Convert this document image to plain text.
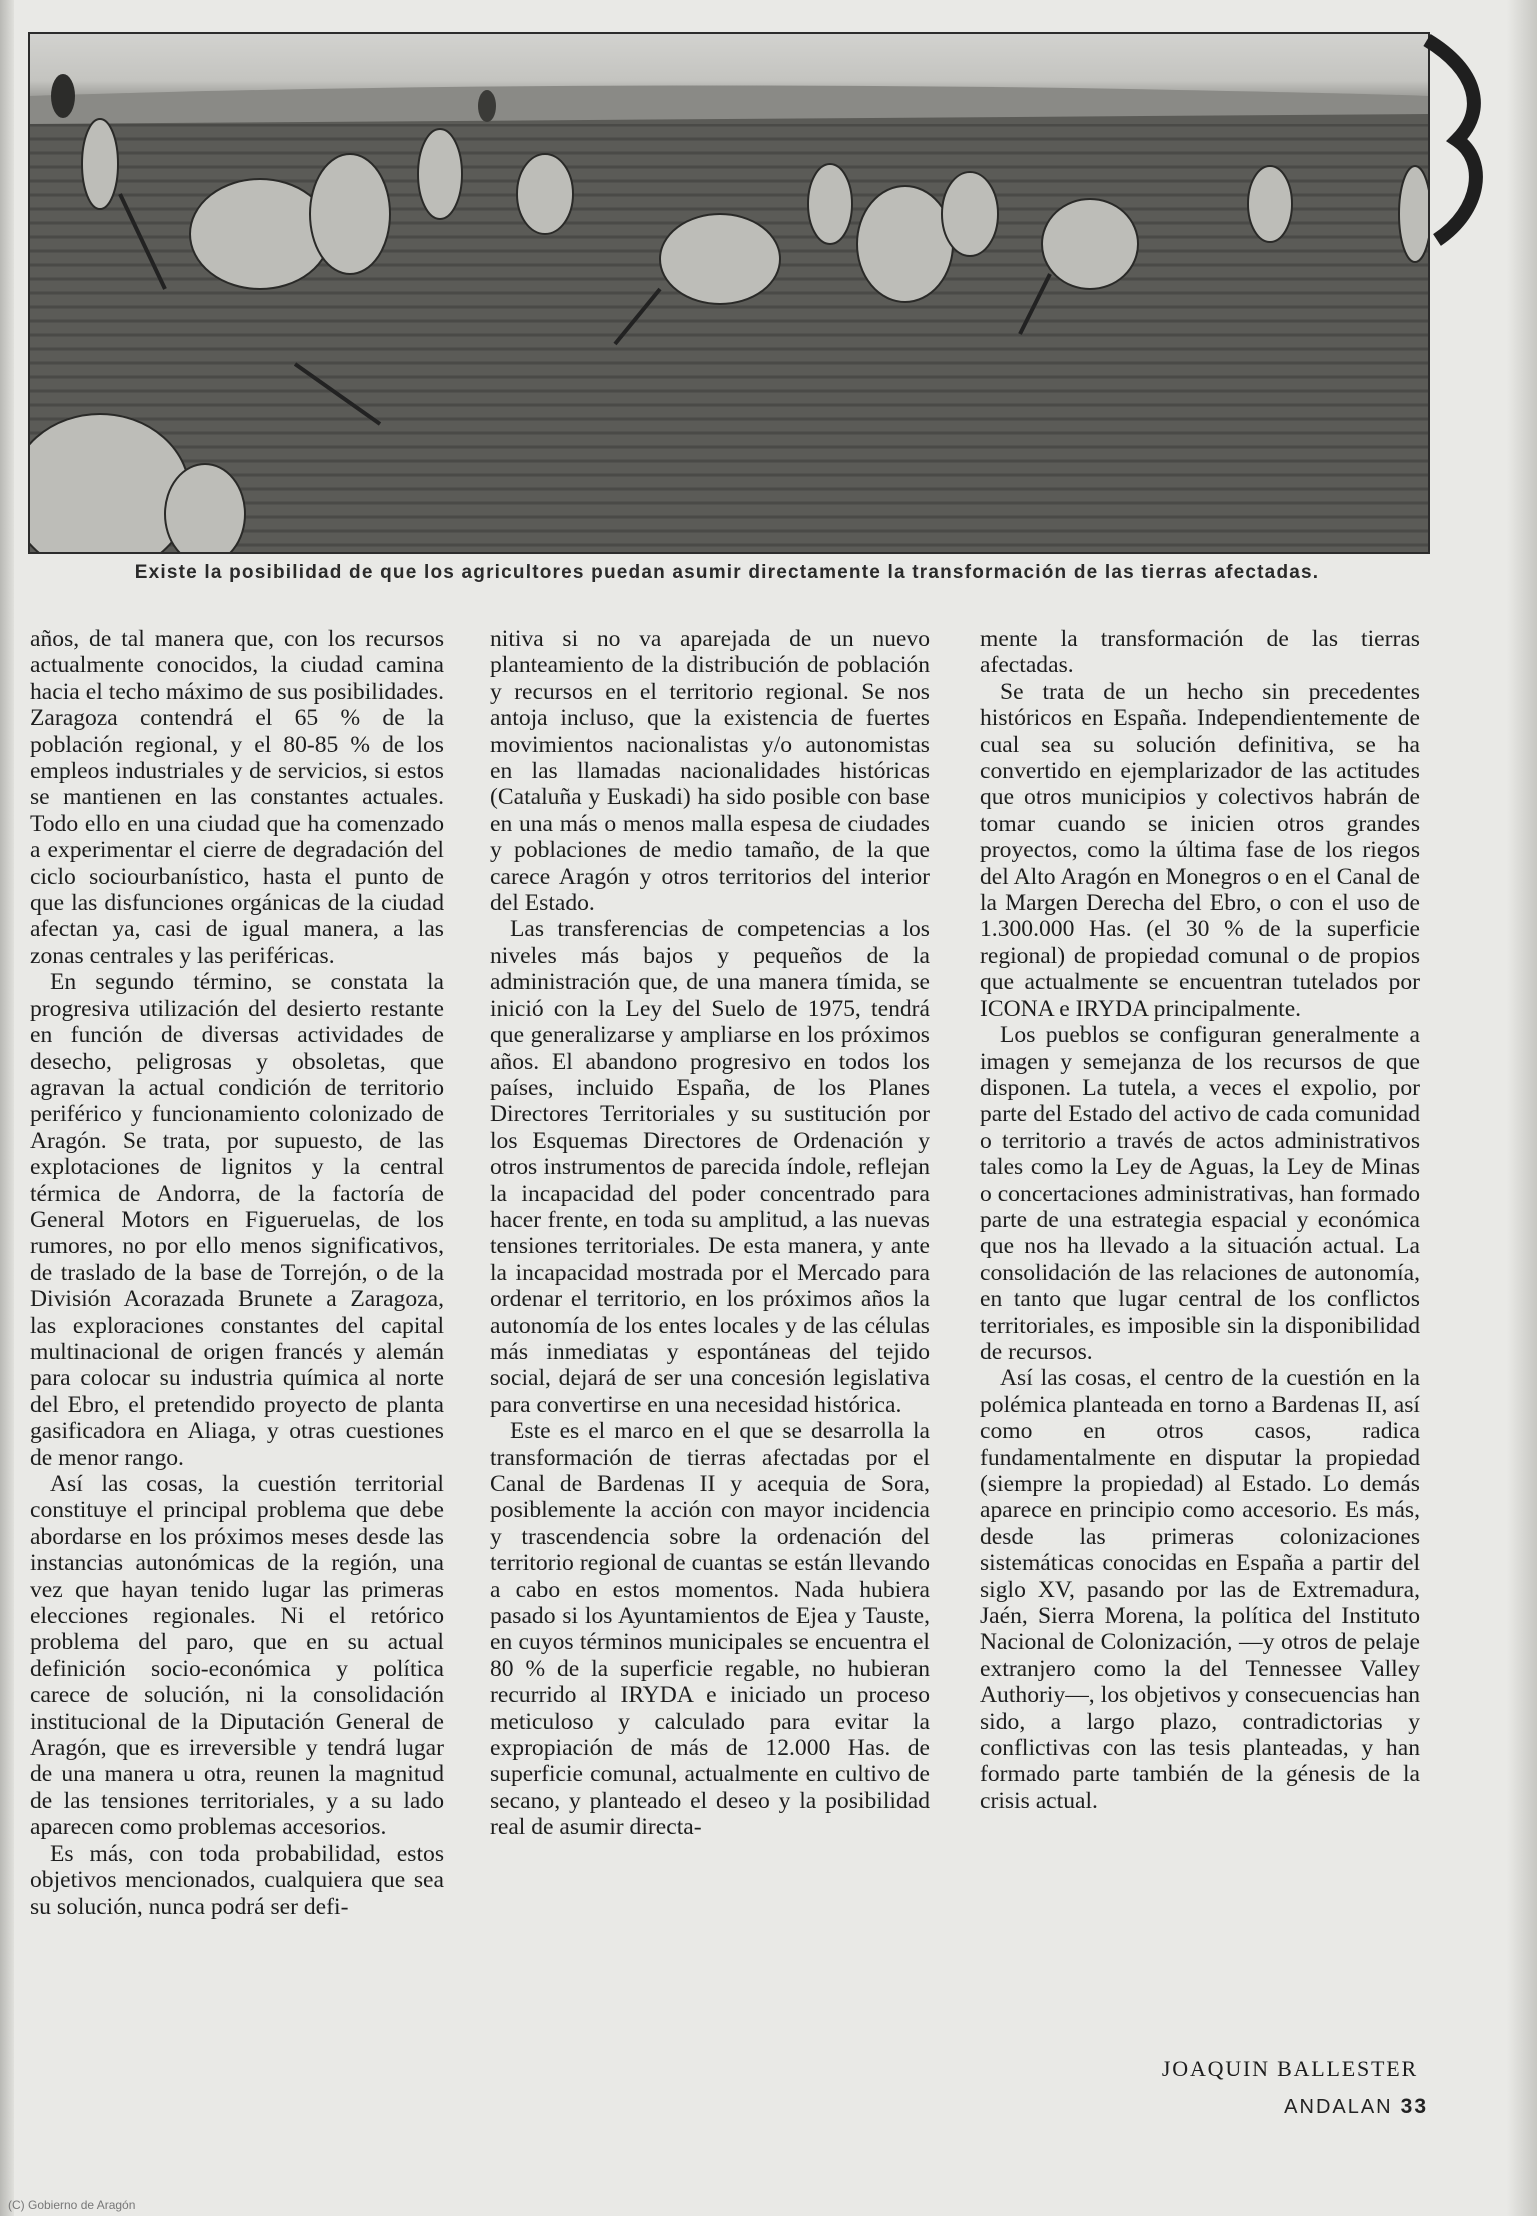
Existe la posibilidad de que los agricultores puedan asumir directamente la transformación de las tierras afectadas.

años, de tal manera que, con los recursos actualmente conocidos, la ciudad camina hacia el techo máximo de sus posibilidades. Zaragoza contendrá el 65 % de la población regional, y el 80-85 % de los empleos industriales y de servicios, si estos se mantienen en las constantes actuales. Todo ello en una ciudad que ha comenzado a experimentar el cierre de degradación del ciclo sociourbanístico, hasta el punto de que las disfunciones orgánicas de la ciudad afectan ya, casi de igual manera, a las zonas centrales y las periféricas.

En segundo término, se constata la progresiva utilización del desierto restante en función de diversas actividades de desecho, peligrosas y obsoletas, que agravan la actual condición de territorio periférico y funcionamiento colonizado de Aragón. Se trata, por supuesto, de las explotaciones de lignitos y la central térmica de Andorra, de la factoría de General Motors en Figueruelas, de los rumores, no por ello menos significativos, de traslado de la base de Torrejón, o de la División Acorazada Brunete a Zaragoza, las exploraciones constantes del capital multinacional de origen francés y alemán para colocar su industria química al norte del Ebro, el pretendido proyecto de planta gasificadora en Aliaga, y otras cuestiones de menor rango.

Así las cosas, la cuestión territorial constituye el principal problema que debe abordarse en los próximos meses desde las instancias autonómicas de la región, una vez que hayan tenido lugar las primeras elecciones regionales. Ni el retórico problema del paro, que en su actual definición socio-económica y política carece de solución, ni la consolidación institucional de la Diputación General de Aragón, que es irreversible y tendrá lugar de una manera u otra, reunen la magnitud de las tensiones territoriales, y a su lado aparecen como problemas accesorios.

Es más, con toda probabilidad, estos objetivos mencionados, cualquiera que sea su solución, nunca podrá ser defi-

nitiva si no va aparejada de un nuevo planteamiento de la distribución de población y recursos en el territorio regional. Se nos antoja incluso, que la existencia de fuertes movimientos nacionalistas y/o autonomistas en las llamadas nacionalidades históricas (Cataluña y Euskadi) ha sido posible con base en una más o menos malla espesa de ciudades y poblaciones de medio tamaño, de la que carece Aragón y otros territorios del interior del Estado.

Las transferencias de competencias a los niveles más bajos y pequeños de la administración que, de una manera tímida, se inició con la Ley del Suelo de 1975, tendrá que generalizarse y ampliarse en los próximos años. El abandono progresivo en todos los países, incluido España, de los Planes Directores Territoriales y su sustitución por los Esquemas Directores de Ordenación y otros instrumentos de parecida índole, reflejan la incapacidad del poder concentrado para hacer frente, en toda su amplitud, a las nuevas tensiones territoriales. De esta manera, y ante la incapacidad mostrada por el Mercado para ordenar el territorio, en los próximos años la autonomía de los entes locales y de las células más inmediatas y espontáneas del tejido social, dejará de ser una concesión legislativa para convertirse en una necesidad histórica.

Este es el marco en el que se desarrolla la transformación de tierras afectadas por el Canal de Bardenas II y acequia de Sora, posiblemente la acción con mayor incidencia y trascendencia sobre la ordenación del territorio regional de cuantas se están llevando a cabo en estos momentos. Nada hubiera pasado si los Ayuntamientos de Ejea y Tauste, en cuyos términos municipales se encuentra el 80 % de la superficie regable, no hubieran recurrido al IRYDA e iniciado un proceso meticuloso y calculado para evitar la expropiación de más de 12.000 Has. de superficie comunal, actualmente en cultivo de secano, y planteado el deseo y la posibilidad real de asumir directa-

mente la transformación de las tierras afectadas.

Se trata de un hecho sin precedentes históricos en España. Independientemente de cual sea su solución definitiva, se ha convertido en ejemplarizador de las actitudes que otros municipios y colectivos habrán de tomar cuando se inicien otros grandes proyectos, como la última fase de los riegos del Alto Aragón en Monegros o en el Canal de la Margen Derecha del Ebro, o con el uso de 1.300.000 Has. (el 30 % de la superficie regional) de propiedad comunal o de propios que actualmente se encuentran tutelados por ICONA e IRYDA principalmente.

Los pueblos se configuran generalmente a imagen y semejanza de los recursos de que disponen. La tutela, a veces el expolio, por parte del Estado del activo de cada comunidad o territorio a través de actos administrativos tales como la Ley de Aguas, la Ley de Minas o concertaciones administrativas, han formado parte de una estrategia espacial y económica que nos ha llevado a la situación actual. La consolidación de las relaciones de autonomía, en tanto que lugar central de los conflictos territoriales, es imposible sin la disponibilidad de recursos.

Así las cosas, el centro de la cuestión en la polémica planteada en torno a Bardenas II, así como en otros casos, radica fundamentalmente en disputar la propiedad (siempre la propiedad) al Estado. Lo demás aparece en principio como accesorio. Es más, desde las primeras colonizaciones sistemáticas conocidas en España a partir del siglo XV, pasando por las de Extremadura, Jaén, Sierra Morena, la política del Instituto Nacional de Colonización, —y otros de pelaje extranjero como la del Tennessee Valley Authoriy—, los objetivos y consecuencias han sido, a largo plazo, contradictorias y conflictivas con las tesis planteadas, y han formado parte también de la génesis de la crisis actual.

JOAQUIN BALLESTER
ANDALAN 33
(C) Gobierno de Aragón
